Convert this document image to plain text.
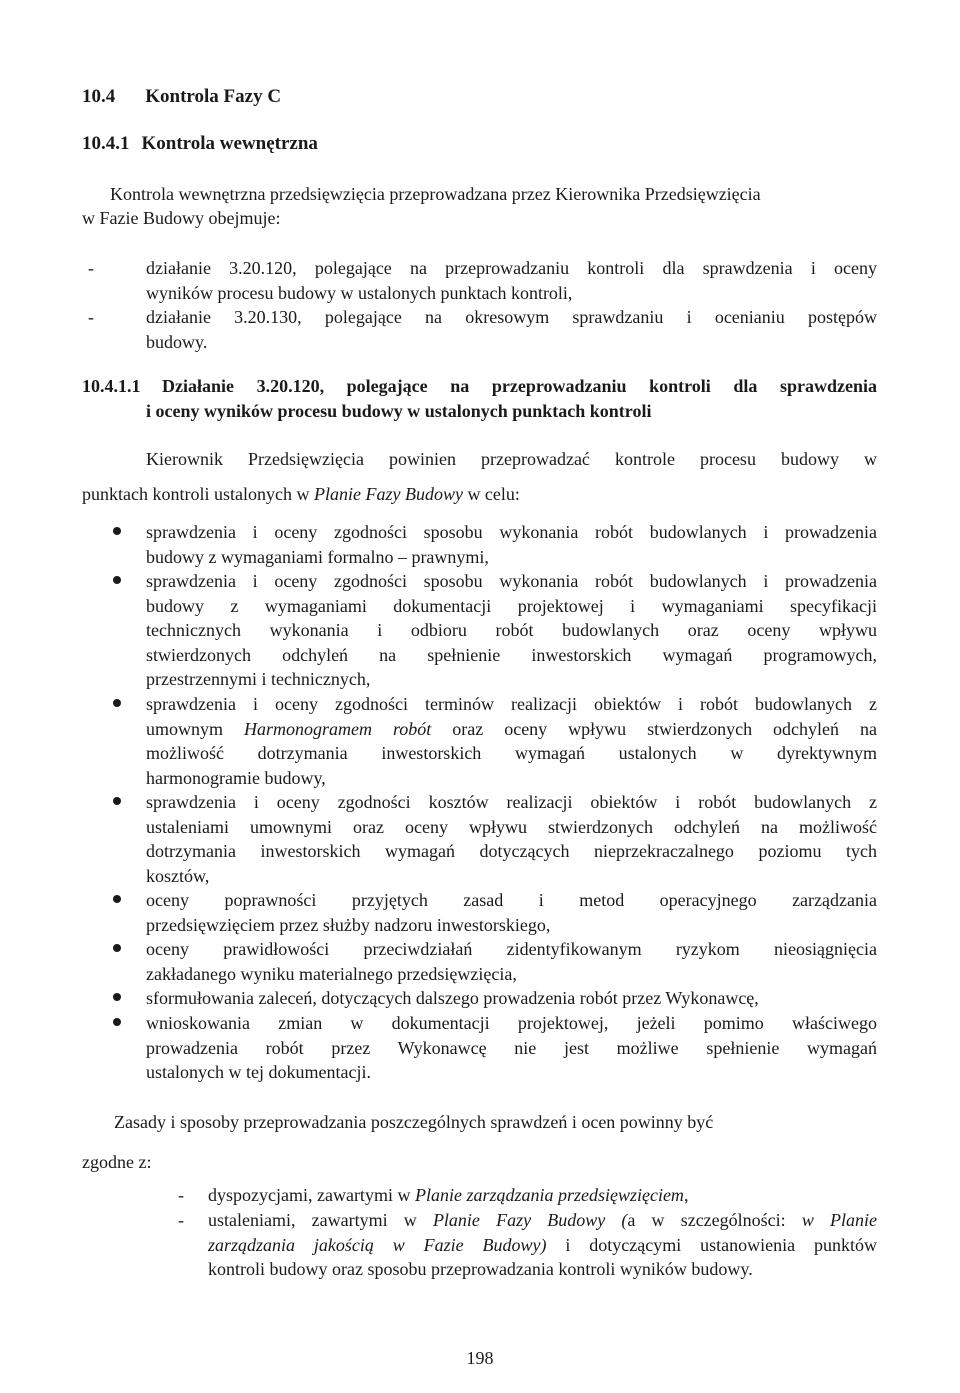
10.4 Kontrola Fazy C
10.4.1 Kontrola wewnętrzna
Kontrola wewnętrzna przedsięwzięcia przeprowadzana przez Kierownika Przedsięwzięcia
w Fazie Budowy obejmuje:
-	działanie 3.20.120, polegające na przeprowadzaniu kontroli dla sprawdzenia i oceny
wyników procesu budowy w ustalonych punktach kontroli,
-	działanie 3.20.130, polegające na okresowym sprawdzaniu i ocenianiu postępów
budowy.
10.4.1.1 Działanie 3.20.120, polegające na przeprowadzaniu kontroli dla sprawdzenia
i oceny wyników procesu budowy w ustalonych punktach kontroli
Kierownik Przedsięwzięcia powinien przeprowadzać kontrole procesu budowy w
punktach kontroli ustalonych w Planie Fazy Budowy w celu:
sprawdzenia i oceny zgodności sposobu wykonania robót budowlanych i prowadzenia
budowy z wymaganiami formalno – prawnymi,
sprawdzenia i oceny zgodności sposobu wykonania robót budowlanych i prowadzenia
budowy z wymaganiami dokumentacji projektowej i wymaganiami specyfikacji
technicznych wykonania i odbioru robót budowlanych oraz oceny wpływu
stwierdzonych odchyleń na spełnienie inwestorskich wymagań programowych,
przestrzennymi i technicznych,
sprawdzenia i oceny zgodności terminów realizacji obiektów i robót budowlanych z
umownym Harmonogramem robót oraz oceny wpływu stwierdzonych odchyleń na
możliwość dotrzymania inwestorskich wymagań ustalonych w dyrektywnym
harmonogramie budowy,
sprawdzenia i oceny zgodności kosztów realizacji obiektów i robót budowlanych z
ustaleniami umownymi oraz oceny wpływu stwierdzonych odchyleń na możliwość
dotrzymania inwestorskich wymagań dotyczących nieprzekraczalnego poziomu tych
kosztów,
oceny poprawności przyjętych zasad i metod operacyjnego zarządzania
przedsięwzięciem przez służby nadzoru inwestorskiego,
oceny prawidłowości przeciwdziałań zidentyfikowanym ryzykom nieosiągnięcia
zakładanego wyniku materialnego przedsięwzięcia,
sformułowania zaleceń, dotyczących dalszego prowadzenia robót przez Wykonawcę,
wnioskowania zmian w dokumentacji projektowej, jeżeli pomimo właściwego
prowadzenia robót przez Wykonawcę nie jest możliwe spełnienie wymagań
ustalonych w tej dokumentacji.
Zasady i sposoby przeprowadzania poszczególnych sprawdzeń i ocen powinny być
zgodne z:
- dyspozycjami, zawartymi w Planie zarządzania przedsięwzięciem,
- ustaleniami, zawartymi w Planie Fazy Budowy (a w szczególności: w Planie
zarządzania jakością w Fazie Budowy) i dotyczącymi ustanowienia punktów
kontroli budowy oraz sposobu przeprowadzania kontroli wyników budowy.
198
